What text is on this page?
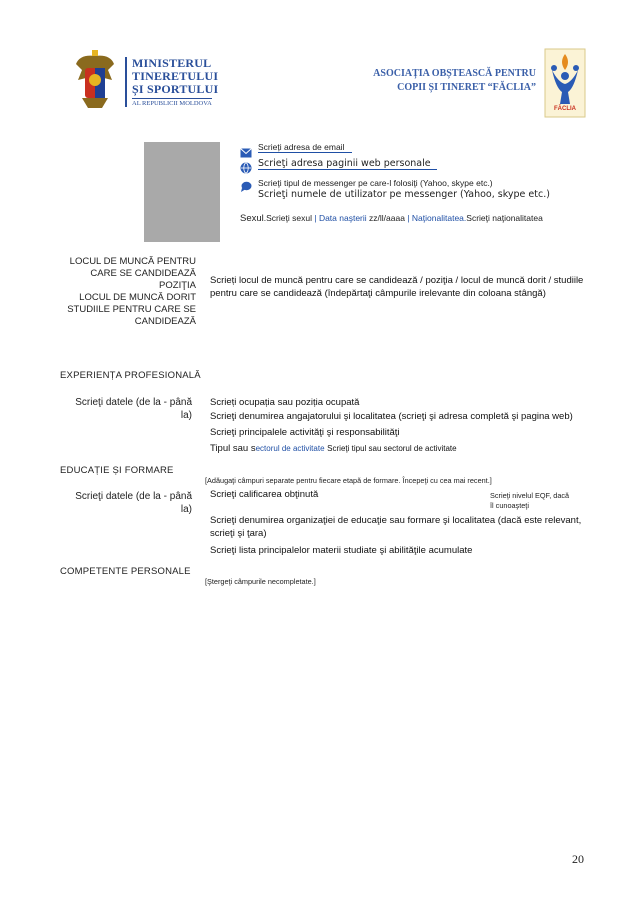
MINISTERUL
TINERETULUI
ȘI SPORTULUI
AL REPUBLICII MOLDOVA
ASOCIAȚIA OBȘTEASCĂ PENTRU
COPII ȘI TINERET “FĂCLIA”
FĂCLIA
Scrieți adresa de email
Scrieţi adresa paginii web personale
Scrieţi tipul de messenger pe care-l folosiţi (Yahoo, skype etc.)
Scrieţi numele de utilizator pe messenger (Yahoo, skype etc.)
Sexul.Scrieţi sexul | Data naşterii zz/ll/aaaa | Naţionalitatea.Scrieţi naţionalitatea
LOCUL DE MUNCĂ PENTRU
CARE SE CANDIDEAZĂ
POZIŢIA
LOCUL DE MUNCĂ DORIT
STUDIILE PENTRU CARE SE
CANDIDEAZĂ
Scrieți locul de muncă pentru care se candidează / poziţia / locul de muncă dorit / studiile pentru care se candidează (îndepărtaţi câmpurile irelevante din coloana stângă)
EXPERIENȚA PROFESIONALĂ
Scrieţi datele (de la - până
la)
Scrieți ocupația sau poziția ocupată
Scrieţi denumirea angajatorului şi localitatea (scrieţi şi adresa completă şi pagina web)
Scrieţi principalele activităţi şi responsabilităţi
Tipul sau sectorul de activitate Scrieţi tipul sau sectorul de activitate
EDUCAȚIE ȘI FORMARE
[Adăugaţi câmpuri separate pentru fiecare etapă de formare. Începeţi cu cea mai recent.]
Scrieţi datele (de la - până
la)
Scrieţi calificarea obţinută	Scrieţi nivelul EQF, dacă
îl cunoaşteţi
Scrieţi denumirea organizaţiei de educaţie sau formare şi localitatea (dacă este relevant, scrieţi şi ţara)
Scrieţi lista principalelor materii studiate şi abilităţile acumulate
COMPETENTE PERSONALE
[Ştergeţi câmpurile necompletate.]
20
